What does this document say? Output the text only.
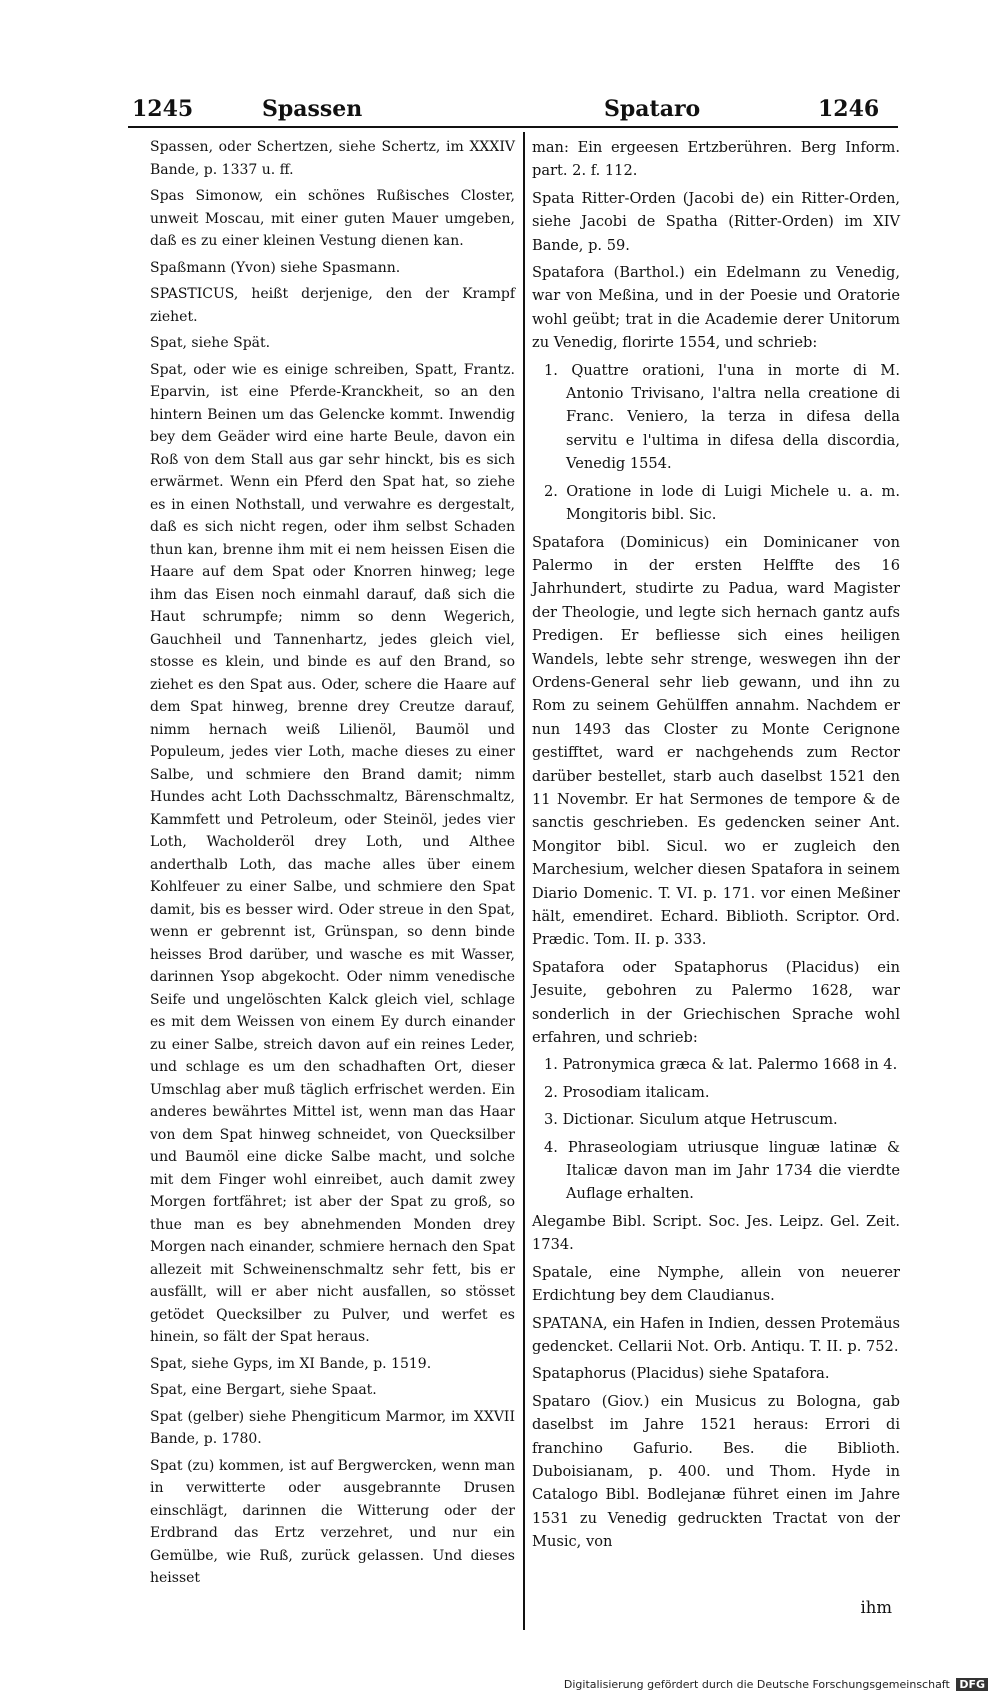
1245	Spassen	Spataro	1246

Spassen, oder Schertzen, siehe Schertz, im XXXIV Bande, p. 1337 u. ff.

Spas Simonow, ein schönes Rußisches Closter, unweit Moscau, mit einer guten Mauer umgeben, daß es zu einer kleinen Vestung dienen kan.

Spaßmann (Yvon) siehe Spasmann.

SPASTICUS, heißt derjenige, den der Krampf ziehet.

Spat, siehe Spät.

Spat, oder wie es einige schreiben, Spatt, Frantz. Eparvin, ist eine Pferde-Kranckheit, so an den hintern Beinen um das Gelencke kommt. Inwendig bey dem Geäder wird eine harte Beule, davon ein Roß von dem Stall aus gar sehr hinckt, bis es sich erwärmet. Wenn ein Pferd den Spat hat, so ziehe es in einen Nothstall, und verwahre es dergestalt, daß es sich nicht regen, oder ihm selbst Schaden thun kan, brenne ihm mit ei nem heissen Eisen die Haare auf dem Spat oder Knorren hinweg; lege ihm das Eisen noch einmahl darauf, daß sich die Haut schrumpfe; nimm so denn Wegerich, Gauchheil und Tannenhartz, jedes gleich viel, stosse es klein, und binde es auf den Brand, so ziehet es den Spat aus. Oder, schere die Haare auf dem Spat hinweg, brenne drey Creutze darauf, nimm hernach weiß Lilienöl, Baumöl und Populeum, jedes vier Loth, mache dieses zu einer Salbe, und schmiere den Brand damit; nimm Hundes acht Loth Dachsschmaltz, Bärenschmaltz, Kammfett und Petroleum, oder Steinöl, jedes vier Loth, Wacholderöl drey Loth, und Althee anderthalb Loth, das mache alles über einem Kohlfeuer zu einer Salbe, und schmiere den Spat damit, bis es besser wird. Oder streue in den Spat, wenn er gebrennt ist, Grünspan, so denn binde heisses Brod darüber, und wasche es mit Wasser, darinnen Ysop abgekocht. Oder nimm venedische Seife und ungelöschten Kalck gleich viel, schlage es mit dem Weissen von einem Ey durch einander zu einer Salbe, streich davon auf ein reines Leder, und schlage es um den schadhaften Ort, dieser Umschlag aber muß täglich erfrischet werden. Ein anderes bewährtes Mittel ist, wenn man das Haar von dem Spat hinweg schneidet, von Quecksilber und Baumöl eine dicke Salbe macht, und solche mit dem Finger wohl einreibet, auch damit zwey Morgen fortfähret; ist aber der Spat zu groß, so thue man es bey abnehmenden Monden drey Morgen nach einander, schmiere hernach den Spat allezeit mit Schweinenschmaltz sehr fett, bis er ausfällt, will er aber nicht ausfallen, so stösset getödet Quecksilber zu Pulver, und werfet es hinein, so fält der Spat heraus.

Spat, siehe Gyps, im XI Bande, p. 1519.

Spat, eine Bergart, siehe Spaat.

Spat (gelber) siehe Phengiticum Marmor, im XXVII Bande, p. 1780.

Spat (zu) kommen, ist auf Bergwercken, wenn man in verwitterte oder ausgebrannte Drusen einschlägt, darinnen die Witterung oder der Erdbrand das Ertz verzehret, und nur ein Gemülbe, wie Ruß, zurück gelassen. Und dieses heisset

man: Ein ergeesen Ertzberühren. Berg Inform. part. 2. f. 112.

Spata Ritter-Orden (Jacobi de) ein Ritter-Orden, siehe Jacobi de Spatha (Ritter-Orden) im XIV Bande, p. 59.

Spatafora (Barthol.) ein Edelmann zu Venedig, war von Meßina, und in der Poesie und Oratorie wohl geübt; trat in die Academie derer Unitorum zu Venedig, florirte 1554, und schrieb:

1. Quattre orationi, l'una in morte di M. Antonio Trivisano, l'altra nella creatione di Franc. Veniero, la terza in difesa della servitu e l'ultima in difesa della discordia, Venedig 1554.

2. Oratione in lode di Luigi Michele u. a. m. Mongitoris bibl. Sic.

Spatafora (Dominicus) ein Dominicaner von Palermo in der ersten Helffte des 16 Jahrhundert, studirte zu Padua, ward Magister der Theologie, und legte sich hernach gantz aufs Predigen. Er befliesse sich eines heiligen Wandels, lebte sehr strenge, weswegen ihn der Ordens-General sehr lieb gewann, und ihn zu Rom zu seinem Gehülffen annahm. Nachdem er nun 1493 das Closter zu Monte Cerignone gestifftet, ward er nachgehends zum Rector darüber bestellet, starb auch daselbst 1521 den 11 Novembr. Er hat Sermones de tempore & de sanctis geschrieben. Es gedencken seiner Ant. Mongitor bibl. Sicul. wo er zugleich den Marchesium, welcher diesen Spatafora in seinem Diario Domenic. T. VI. p. 171. vor einen Meßiner hält, emendiret. Echard. Biblioth. Scriptor. Ord. Prædic. Tom. II. p. 333.

Spatafora oder Spataphorus (Placidus) ein Jesuite, gebohren zu Palermo 1628, war sonderlich in der Griechischen Sprache wohl erfahren, und schrieb:

1. Patronymica græca & lat. Palermo 1668 in 4.

2. Prosodiam italicam.

3. Dictionar. Siculum atque Hetruscum.

4. Phraseologiam utriusque linguæ latinæ & Italicæ davon man im Jahr 1734 die vierdte Auflage erhalten.

Alegambe Bibl. Script. Soc. Jes. Leipz. Gel. Zeit. 1734.

Spatale, eine Nymphe, allein von neuerer Erdichtung bey dem Claudianus.

SPATANA, ein Hafen in Indien, dessen Protemäus gedencket. Cellarii Not. Orb. Antiqu. T. II. p. 752.

Spataphorus (Placidus) siehe Spatafora.

Spataro (Giov.) ein Musicus zu Bologna, gab daselbst im Jahre 1521 heraus: Errori di franchino Gafurio. Bes. die Biblioth. Duboisianam, p. 400. und Thom. Hyde in Catalogo Bibl. Bodlejanæ führet einen im Jahre 1531 zu Venedig gedruckten Tractat von der Music, von

ihm
Digitalisierung gefördert durch die Deutsche Forschungsgemeinschaft DFG
